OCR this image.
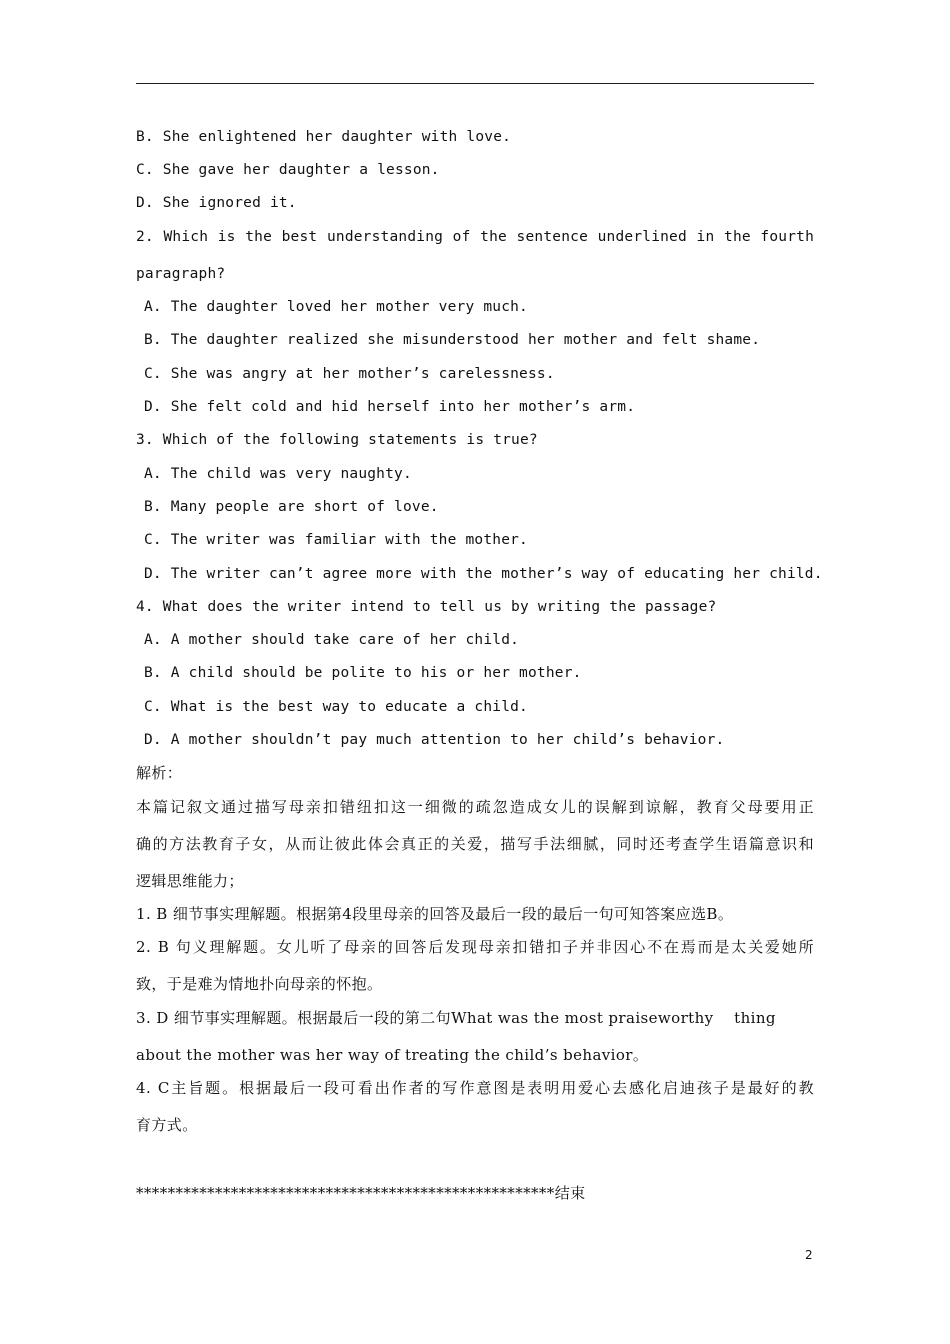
B. She enlightened her daughter with love.
C. She gave her daughter a lesson.
D. She ignored it.
2. Which is the best understanding of the sentence underlined in the fourth
paragraph?
A. The daughter loved her mother very much.
B. The daughter realized she misunderstood her mother and felt shame.
C. She was angry at her mother’s carelessness.
D. She felt cold and hid herself into her mother’s arm.
3. Which of the following statements is true?
A. The child was very naughty.
B. Many people are short of love.
C. The writer was familiar with the mother.
D. The writer can’t agree more with the mother’s way of educating her child.
4. What does the writer intend to tell us by writing the passage?
A. A mother should take care of her child.
B. A child should be polite to his or her mother.
C. What is the best way to educate a child.
D. A mother shouldn’t pay much attention to her child’s behavior.
解析：
本篇记叙文通过描写母亲扣错纽扣这一细微的疏忽造成女儿的误解到谅解，教育父母要用正
确的方法教育子女，从而让彼此体会真正的关爱，描写手法细腻，同时还考查学生语篇意识和
逻辑思维能力；
1. B 细节事实理解题。根据第4段里母亲的回答及最后一段的最后一句可知答案应选B。
2. B 句义理解题。女儿听了母亲的回答后发现母亲扣错扣子并非因心不在焉而是太关爱她所
致，于是难为情地扑向母亲的怀抱。
3. D 细节事实理解题。根据最后一段的第二句What was the most praiseworthy    thing
about the mother was her way of treating the child’s behavior。
4. C主旨题。根据最后一段可看出作者的写作意图是表明用爱心去感化启迪孩子是最好的教
育方式。
*****************************************************结束
2
